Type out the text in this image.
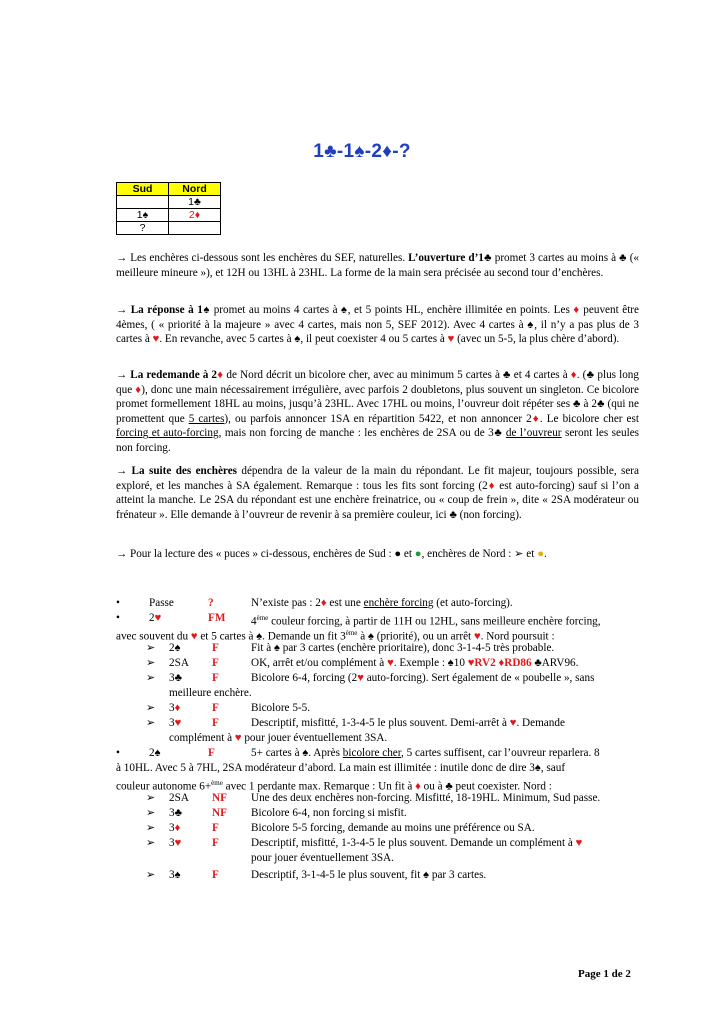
1♣-1♠-2♦-?
Sud	Nord
	1♣
1♠	2♦
?	
→ Les enchères ci-dessous sont les enchères du SEF, naturelles. L’ouverture d’1♣ promet 3 cartes au moins à ♣ (« meilleure mineure »), et 12H ou 13HL à 23HL. La forme de la main sera précisée au second tour d’enchères.
→ La réponse à 1♠ promet au moins 4 cartes à ♠, et 5 points HL, enchère illimitée en points. Les ♦ peuvent être 4èmes, ( « priorité à la majeure » avec 4 cartes, mais non 5, SEF 2012). Avec 4 cartes à ♠, il n’y a pas plus de 3 cartes à ♥. En revanche, avec 5 cartes à ♠, il peut coexister 4 ou 5 cartes à ♥ (avec un 5-5, la plus chère d’abord).
→ La redemande à 2♦ de Nord décrit un bicolore cher, avec au minimum 5 cartes à ♣ et 4 cartes à ♦. (♣ plus long que ♦), donc une main nécessairement irrégulière, avec parfois 2 doubletons, plus souvent un singleton. Ce bicolore promet formellement 18HL au moins, jusqu’à 23HL. Avec 17HL ou moins, l’ouvreur doit répéter ses ♣ à 2♣ (qui ne promettent que 5 cartes), ou parfois annoncer 1SA en répartition 5422, et non annoncer 2♦. Le bicolore cher est forcing et auto-forcing, mais non forcing de manche : les enchères de 2SA ou de 3♣ de l’ouvreur seront les seules non forcing.
→ La suite des enchères dépendra de la valeur de la main du répondant. Le fit majeur, toujours possible, sera exploré, et les manches à SA également. Remarque : tous les fits sont forcing (2♦ est auto-forcing) sauf si l’on a atteint la manche. Le 2SA du répondant est une enchère freinatrice, ou « coup de frein », dite « 2SA modérateur ou frénateur ». Elle demande à l’ouvreur de revenir à sa première couleur, ici ♣ (non forcing).
→ Pour la lecture des « puces » ci-dessous, enchères de Sud : ● et ●, enchères de Nord : ➢ et ●.
•	Passe	?	N’existe pas : 2♦ est une enchère forcing (et auto-forcing).
•	2♥	FM 4ème couleur forcing, à partir de 11H ou 12HL, sans meilleure enchère forcing,
avec souvent du ♥ et 5 cartes à ♠. Demande un fit 3ème à ♠ (priorité), ou un arrêt ♥. Nord poursuit :
➢ 2♠	F	Fit à ♠ par 3 cartes (enchère prioritaire), donc 3-1-4-5 très probable.
➢ 2SA F	OK, arrêt et/ou complément à ♥. Exemple : ♠10 ♥RV2 ♦RD86 ♣ARV96.
➢ 3♣	F	Bicolore 6-4, forcing (2♥ auto-forcing). Sert également de « poubelle », sans
meilleure enchère.
➢ 3♦	F	Bicolore 5-5.
➢ 3♥	F	Descriptif, misfitté, 1-3-4-5 le plus souvent. Demi-arrêt à ♥. Demande
complément à ♥ pour jouer éventuellement 3SA.
•	2♠	F	5+ cartes à ♠. Après bicolore cher, 5 cartes suffisent, car l’ouvreur reparlera. 8
à 10HL. Avec 5 à 7HL, 2SA modérateur d’abord. La main est illimitée : inutile donc de dire 3♠, sauf
couleur autonome 6+$^{ème}$ avec 1 perdante max. Remarque : Un fit à ♦ ou à ♣ peut coexister. Nord :
➢ 2SA NF Une des deux enchères non-forcing. Misfitté, 18-19HL. Minimum, Sud passe.
➢ 3♣	NF Bicolore 6-4, non forcing si misfit.
➢ 3♦	F	Bicolore 5-5 forcing, demande au moins une préférence ou SA.
➢ 3♥	F	Descriptif, misfitté, 1-3-4-5 le plus souvent. Demande un complément à ♥
pour jouer éventuellement 3SA.
➢ 3♠	F	Descriptif, 3-1-4-5 le plus souvent, fit ♠ par 3 cartes.
Page 1 de 2
